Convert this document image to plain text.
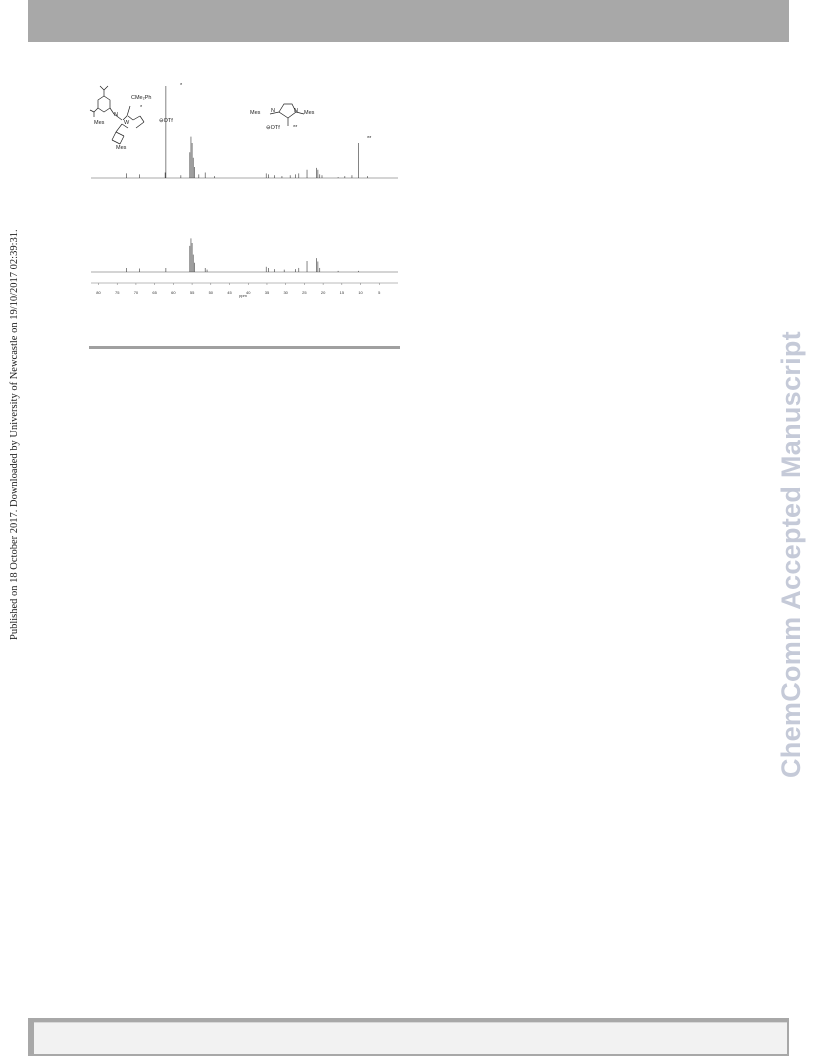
Published on 18 October 2017. Downloaded by University of Newcastle on 19/10/2017 02:39:31.	ChemComm Accepted Manuscript
CMe₂Ph
N
Mes	W
Mes
⊖OTf
*
Mes N	N Mes
⊖OTf **
*
**
80	75	70	65	60	55	50	45	40	35	30	25	20	15	10	5
ppm
